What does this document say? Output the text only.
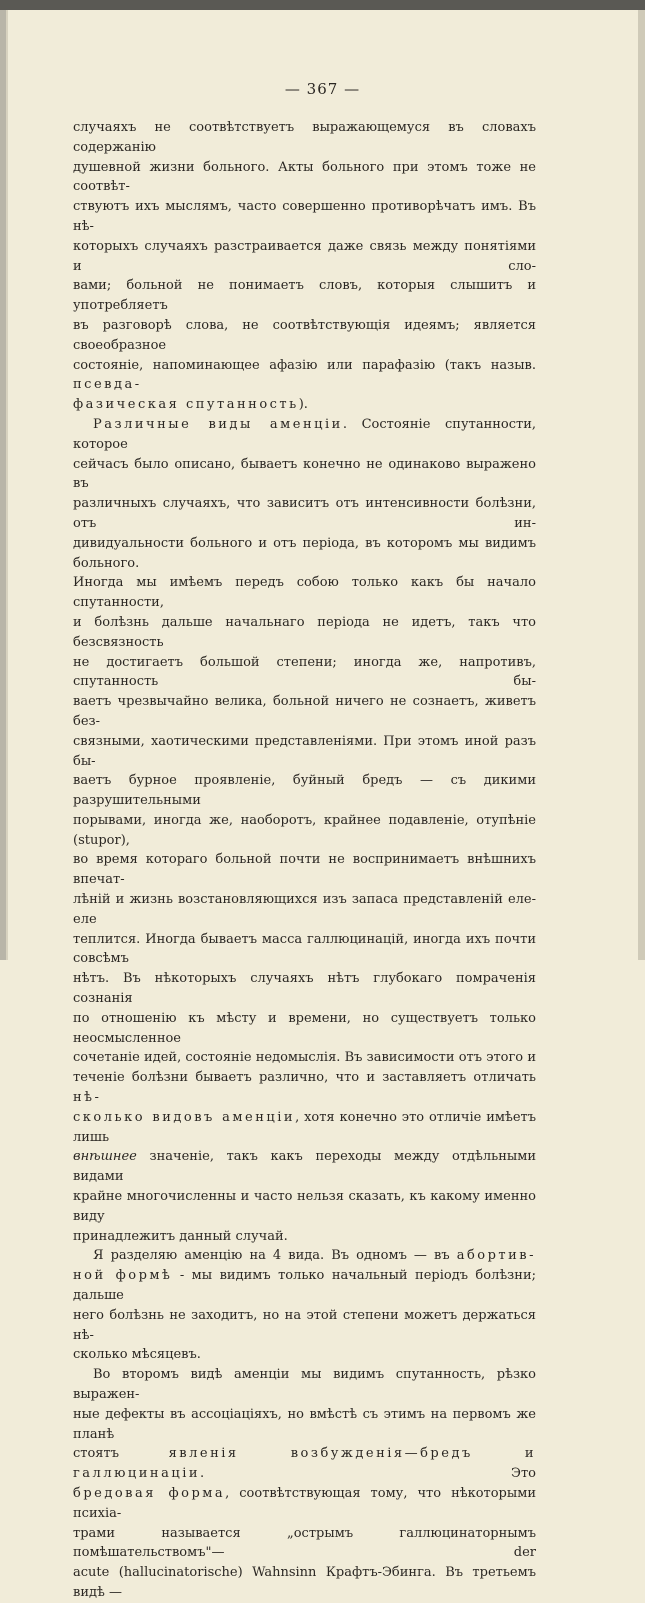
— 367 —

случаяхъ не соотвѣтствуетъ выражающемуся въ словахъ содержанію

душевной жизни больного. Акты больного при этомъ тоже не соотвѣт-

ствуютъ ихъ мыслямъ, часто совершенно противорѣчатъ имъ. Въ нѣ-

которыхъ случаяхъ разстраивается даже связь между понятіями и сло-

вами; больной не понимаетъ словъ, которыя слышитъ и употребляетъ

въ разговорѣ слова, не соотвѣтствующія идеямъ; является своеобразное

состояніе, напоминающее афазію или парафазію (такъ назыв. псевда-

фазическая спутанность).

Различные виды аменціи. Состояніе спутанности, которое

сейчасъ было описано, бываетъ конечно не одинаково выражено въ

различныхъ случаяхъ, что зависитъ отъ интенсивности болѣзни, отъ ин-

дивидуальности больного и отъ періода, въ которомъ мы видимъ больного.

Иногда мы имѣемъ передъ собою только какъ бы начало спутанности,

и болѣзнь дальше начальнаго періода не идетъ, такъ что безсвязность

не достигаетъ большой степени; иногда же, напротивъ, спутанность бы-

ваетъ чрезвычайно велика, больной ничего не сознаетъ, живетъ без-

связными, хаотическими представленіями. При этомъ иной разъ бы-

ваетъ бурное проявленіе, буйный бредъ — съ дикими разрушительными

порывами, иногда же, наоборотъ, крайнее подавленіе, отупѣніе (stupor),

во время котораго больной почти не воспринимаетъ внѣшнихъ впечат-

лѣній и жизнь возстановляющихся изъ запаса представленій еле-еле

теплится. Иногда бываетъ масса галлюцинацій, иногда ихъ почти совсѣмъ

нѣтъ. Въ нѣкоторыхъ случаяхъ нѣтъ глубокаго помраченія сознанія

по отношенію къ мѣсту и времени, но существуетъ только неосмысленное

сочетаніе идей, состояніе недомыслія. Въ зависимости отъ этого и

теченіе болѣзни бываетъ различно, что и заставляетъ отличать нѣ-

сколько видовъ аменціи, хотя конечно это отличіе имѣетъ лишь

внѣшнее значеніе, такъ какъ переходы между отдѣльными видами

крайне многочисленны и часто нельзя сказать, къ какому именно виду

принадлежитъ данный случай.

Я разделяю аменцію на 4 вида. Въ одномъ — въ абортив-

ной формѣ - мы видимъ только начальный періодъ болѣзни; дальше

него болѣзнь не заходитъ, но на этой степени можетъ держаться нѣ-

сколько мѣсяцевъ.

Во второмъ видѣ аменціи мы видимъ спутанность, рѣзко выражен-

ные дефекты въ ассоціаціяхъ, но вмѣстѣ съ этимъ на первомъ же планѣ

стоятъ явленія возбужденія—бредъ и галлюцинаціи. Это

бредовая форма, соотвѣтствующая тому, что нѣкоторыми психіа-

трами называется „острымъ галлюцинаторнымъ помѣшательствомъ"— der

acute (hallucinatorische) Wahnsinn Крафтъ-Эбинга. Въ третьемъ видѣ —
